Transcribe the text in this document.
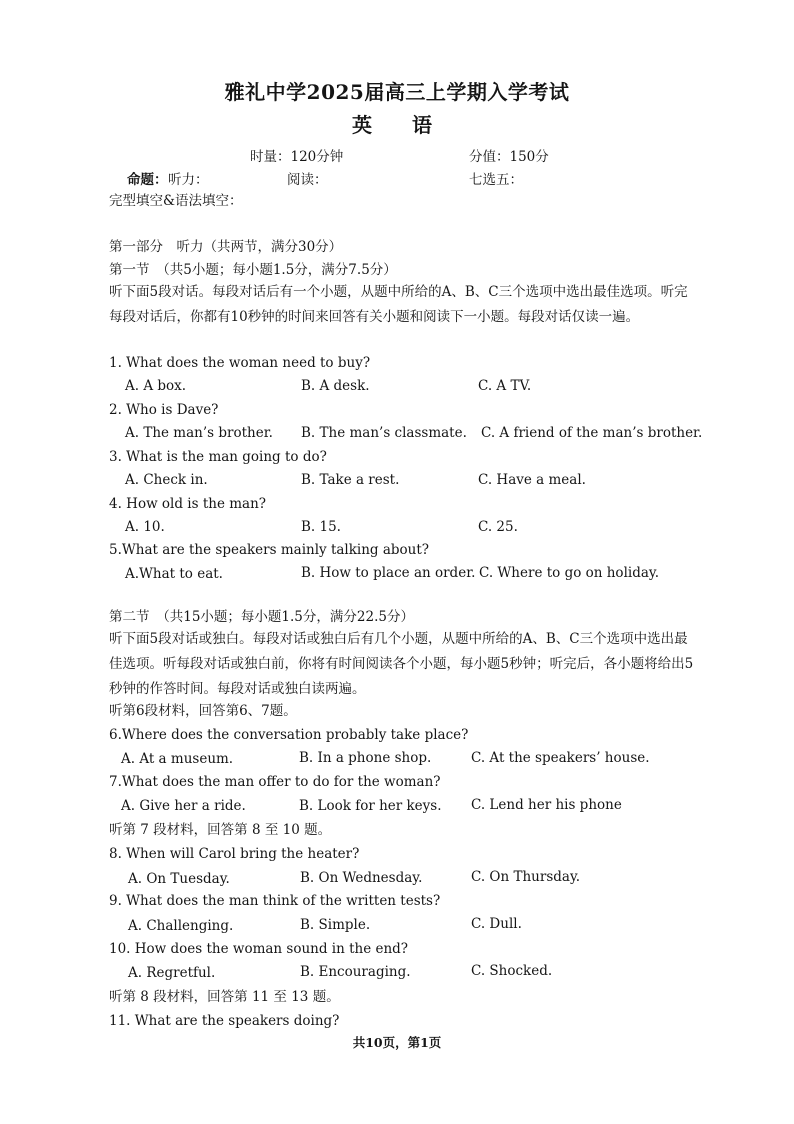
雅礼中学2025届高三上学期入学考试
英　语
时量：120分钟	分值：150分
命题： 听力：	阅读：	七选五：
完型填空&语法填空：
第一部分　听力（共两节，满分30分）
第一节　（共5小题；每小题1.5分，满分7.5分）
听下面5段对话。每段对话后有一个小题，从题中所给的A、B、C三个选项中选出最佳选项。听完每段对话后，你都有10秒钟的时间来回答有关小题和阅读下一小题。每段对话仅读一遍。
1. What does the woman need to buy?
A. A box.	B. A desk.	C. A TV.
2. Who is Dave?
A. The man’s brother. B. The man’s classmate. C. A friend of the man’s brother.
3. What is the man going to do?
A. Check in.	B. Take a rest.	C. Have a meal.
4. How old is the man?
A. 10.	B. 15.	C. 25.
5.What are the speakers mainly talking about?
A.What to eat.	B. How to place an order. C. Where to go on holiday.
第二节　（共15小题；每小题1.5分，满分22.5分）
听下面5段对话或独白。每段对话或独白后有几个小题，从题中所给的A、B、C三个选项中选出最佳选项。听每段对话或独白前，你将有时间阅读各个小题，每小题5秒钟；听完后，各小题将给出5秒钟的作答时间。每段对话或独白读两遍。
听第6段材料，回答第6、7题。
6.Where does the conversation probably take place?
A. At a museum.	B. In a phone shop.	C. At the speakers’ house.
7.What does the man offer to do for the woman?
A. Give her a ride.	B. Look for her keys. C. Lend her his phone
听第 7 段材料，回答第 8 至 10 题。
8. When will Carol bring the heater?
A. On Tuesday.	B. On Wednesday.	C. On Thursday.
9. What does the man think of the written tests?
A. Challenging.	B. Simple.	C. Dull.
10. How does the woman sound in the end?
A. Regretful.	B. Encouraging.	C. Shocked.
听第 8 段材料，回答第 11 至 13 题。
11. What are the speakers doing?
共10页，第1页
